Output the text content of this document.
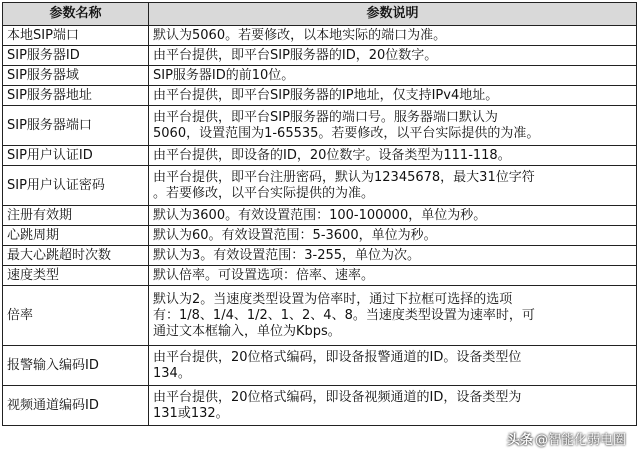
参数名称	参数说明
本地SIP端口	默认为5060。若要修改，以本地实际的端口为准。

SIP服务器ID	由平台提供，即平台SIP服务器的ID，20位数字。

SIP服务器域	SIP服务器ID的前10位。

SIP服务器地址	由平台提供，即平台SIP服务器的IP地址，仅支持IPv4地址。

SIP服务器端口	由平台提供，即平台SIP服务器的端口号。服务器端口默认为
5060，设置范围为1-65535。若要修改，以平台实际提供的为准。

SIP用户认证ID	由平台提供，即设备的ID，20位数字。设备类型为111-118。

SIP用户认证密码	由平台提供，即平台注册密码，默认为12345678，最大31位字符
。若要修改，以平台实际提供的为准。

注册有效期	默认为3600。有效设置范围：100-100000，单位为秒。

心跳周期	默认为60。有效设置范围：5-3600，单位为秒。

最大心跳超时次数	默认为3。有效设置范围：3-255，单位为次。

速度类型	默认倍率。可设置选项：倍率、速率。

倍率	默认为2。当速度类型设置为倍率时，通过下拉框可选择的选项
有：1/8、1/4、1/2、1、2、4、8。当速度类型设置为速率时，可
通过文本框输入，单位为Kbps。

报警输入编码ID	由平台提供，20位格式编码，即设备报警通道的ID。设备类型位
134。

视频通道编码ID	由平台提供，20位格式编码，即设备视频通道的ID，设备类型为
131或132。
头条 @智能化弱电圈
